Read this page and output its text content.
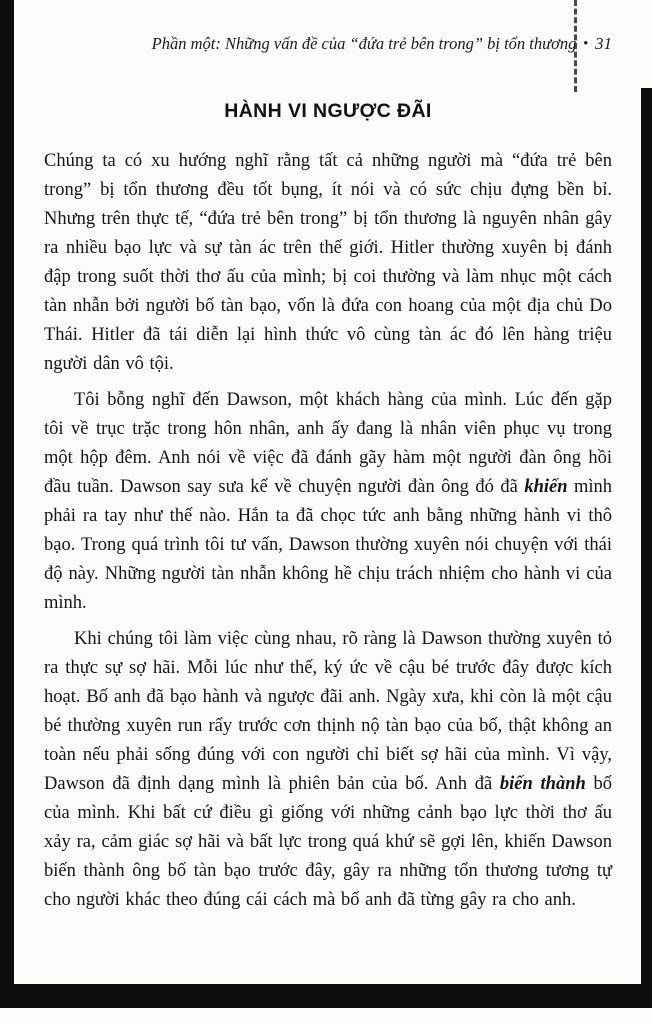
Phần một: Những vấn đề của “đứa trẻ bên trong” bị tổn thương • 31
HÀNH VI NGƯỢC ĐÃI

Chúng ta có xu hướng nghĩ rằng tất cả những người mà “đứa trẻ bên trong” bị tổn thương đều tốt bụng, ít nói và có sức chịu đựng bền bỉ. Nhưng trên thực tế, “đứa trẻ bên trong” bị tổn thương là nguyên nhân gây ra nhiều bạo lực và sự tàn ác trên thế giới. Hitler thường xuyên bị đánh đập trong suốt thời thơ ấu của mình; bị coi thường và làm nhục một cách tàn nhẫn bởi người bố tàn bạo, vốn là đứa con hoang của một địa chủ Do Thái. Hitler đã tái diễn lại hình thức vô cùng tàn ác đó lên hàng triệu người dân vô tội.

Tôi bỗng nghĩ đến Dawson, một khách hàng của mình. Lúc đến gặp tôi về trục trặc trong hôn nhân, anh ấy đang là nhân viên phục vụ trong một hộp đêm. Anh nói về việc đã đánh gãy hàm một người đàn ông hồi đầu tuần. Dawson say sưa kể về chuyện người đàn ông đó đã khiến mình phải ra tay như thế nào. Hắn ta đã chọc tức anh bằng những hành vi thô bạo. Trong quá trình tôi tư vấn, Dawson thường xuyên nói chuyện với thái độ này. Những người tàn nhẫn không hề chịu trách nhiệm cho hành vi của mình.

Khi chúng tôi làm việc cùng nhau, rõ ràng là Dawson thường xuyên tỏ ra thực sự sợ hãi. Mỗi lúc như thế, ký ức về cậu bé trước đây được kích hoạt. Bố anh đã bạo hành và ngược đãi anh. Ngày xưa, khi còn là một cậu bé thường xuyên run rẩy trước cơn thịnh nộ tàn bạo của bố, thật không an toàn nếu phải sống đúng với con người chỉ biết sợ hãi của mình. Vì vậy, Dawson đã định dạng mình là phiên bản của bố. Anh đã biến thành bố của mình. Khi bất cứ điều gì giống với những cảnh bạo lực thời thơ ấu xảy ra, cảm giác sợ hãi và bất lực trong quá khứ sẽ gợi lên, khiến Dawson biến thành ông bố tàn bạo trước đây, gây ra những tổn thương tương tự cho người khác theo đúng cái cách mà bố anh đã từng gây ra cho anh.
